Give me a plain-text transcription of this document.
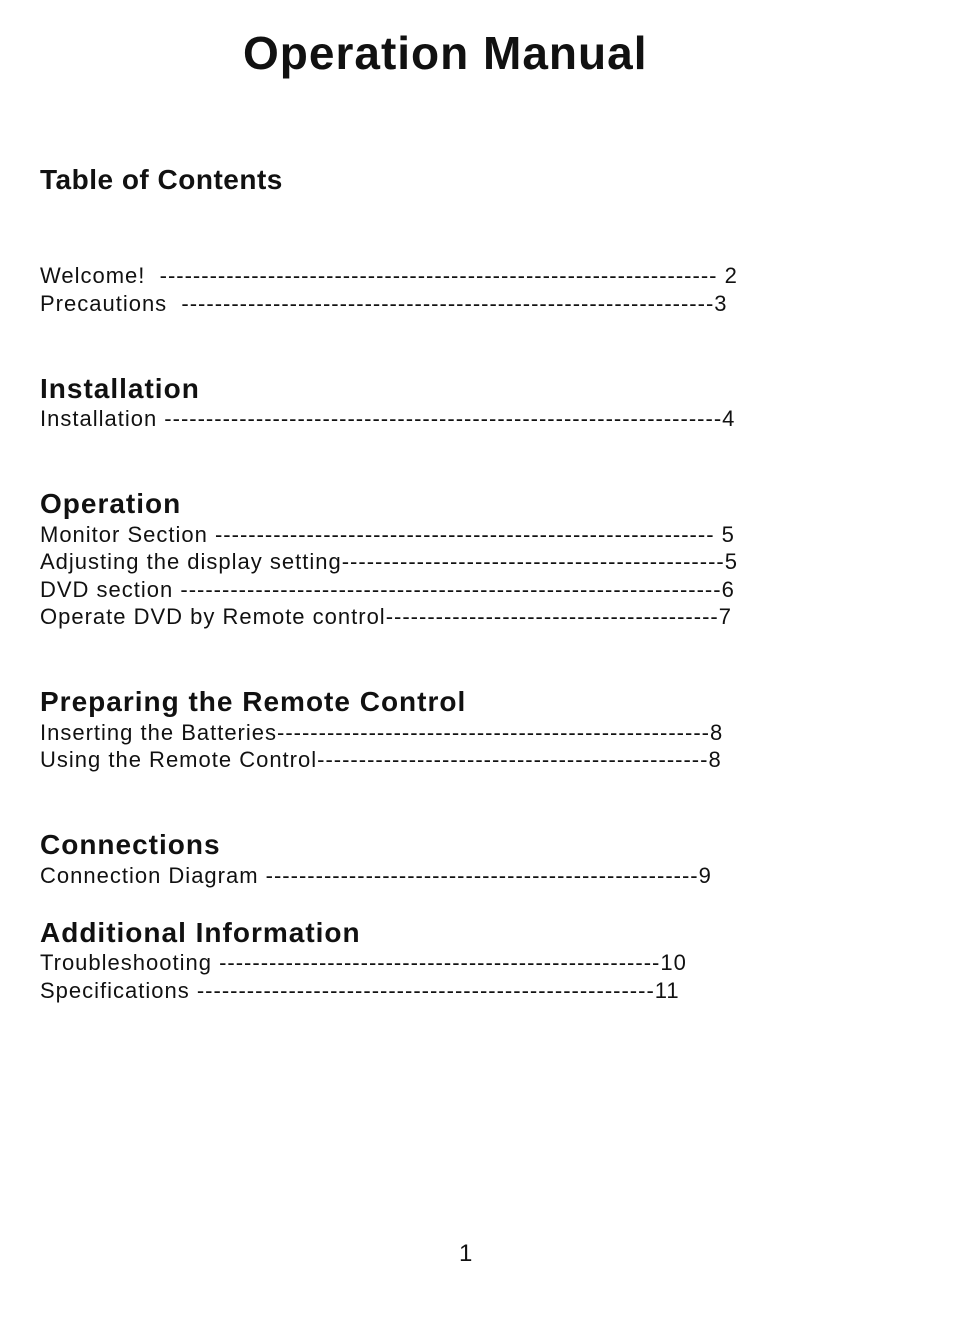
Operation Manual
Table of Contents
Welcome!  ------------------------------------------------------------------- 2
Precautions  ----------------------------------------------------------------3
Installation
Installation -------------------------------------------------------------------4
Operation
Monitor Section ------------------------------------------------------------ 5
Adjusting the display setting----------------------------------------------5
DVD section -----------------------------------------------------------------6
Operate DVD by Remote control----------------------------------------7
Preparing the Remote Control
Inserting the Batteries----------------------------------------------------8
Using the Remote Control-----------------------------------------------8
Connections
Connection Diagram ----------------------------------------------------9
Additional Information
Troubleshooting -----------------------------------------------------10
Specifications -------------------------------------------------------11
1
